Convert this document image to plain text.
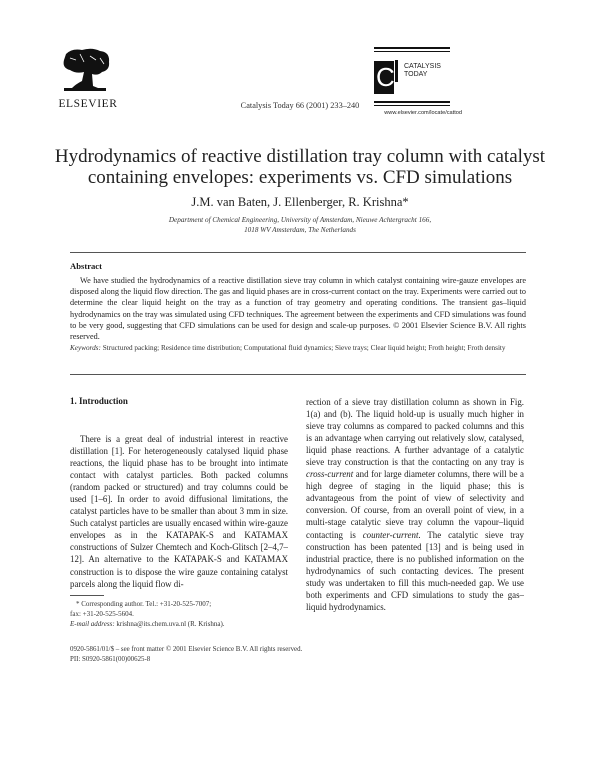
ELSEVIER	Catalysis Today 66 (2001) 233–240
C CATALYSIS
TODAY
www.elsevier.com/locate/cattod
Hydrodynamics of reactive distillation tray column with catalyst
containing envelopes: experiments vs. CFD simulations
J.M. van Baten, J. Ellenberger, R. Krishna*
Department of Chemical Engineering, University of Amsterdam, Nieuwe Achtergracht 166,
1018 WV Amsterdam, The Netherlands
Abstract
We have studied the hydrodynamics of a reactive distillation sieve tray column in which catalyst containing wire-gauze envelopes are disposed along the liquid flow direction. The gas and liquid phases are in cross-current contact on the tray. Experiments were carried out to determine the clear liquid height on the tray as a function of tray geometry and operating conditions. The transient gas–liquid hydrodynamics on the tray was simulated using CFD techniques. The agreement between the experiments and CFD simulations was found to be very good, suggesting that CFD simulations can be used for design and scale-up purposes. © 2001 Elsevier Science B.V. All rights reserved.
Keywords: Structured packing; Residence time distribution; Computational fluid dynamics; Sieve trays; Clear liquid height; Froth height; Froth density
1. Introduction

There is a great deal of industrial interest in reactive distillation [1]. For heterogeneously catalysed liquid phase reactions, the liquid phase has to be brought into intimate contact with catalyst particles. Both packed columns (random packed or structured) and tray columns could be used [1–6]. In order to avoid diffusional limitations, the catalyst particles have to be smaller than about 3 mm in size. Such catalyst particles are usually encased within wire-gauze envelopes as in the KATAPAK-S and KATAMAX constructions of Sulzer Chemtech and Koch-Glitsch [2–4,7–12]. An alternative to the KATAPAK-S and KATAMAX construction is to dispose the wire gauze containing catalyst parcels along the liquid flow di-

rection of a sieve tray distillation column as shown in Fig. 1(a) and (b). The liquid hold-up is usually much higher in sieve tray columns as compared to packed columns and this is an advantage when carrying out relatively slow, catalysed, liquid phase reactions. A further advantage of a catalytic sieve tray construction is that the contacting on any tray is cross-current and for large diameter columns, there will be a high degree of staging in the liquid phase; this is advantageous from the point of view of selectivity and conversion. Of course, from an overall point of view, in a multi-stage catalytic sieve tray column the vapour–liquid contacting is counter-current. The catalytic sieve tray construction has been patented [13] and is being used in industrial practice, there is no published information on the hydrodynamics of such contacting devices. The present study was undertaken to fill this much-needed gap. We use both experiments and CFD simulations to study the gas–liquid hydrodynamics.

* Corresponding author. Tel.: +31-20-525-7007;
fax: +31-20-525-5604.
E-mail address: krishna@its.chem.uva.nl (R. Krishna).
0920-5861/01/$ – see front matter © 2001 Elsevier Science B.V. All rights reserved.
PII: S0920-5861(00)00625-8
